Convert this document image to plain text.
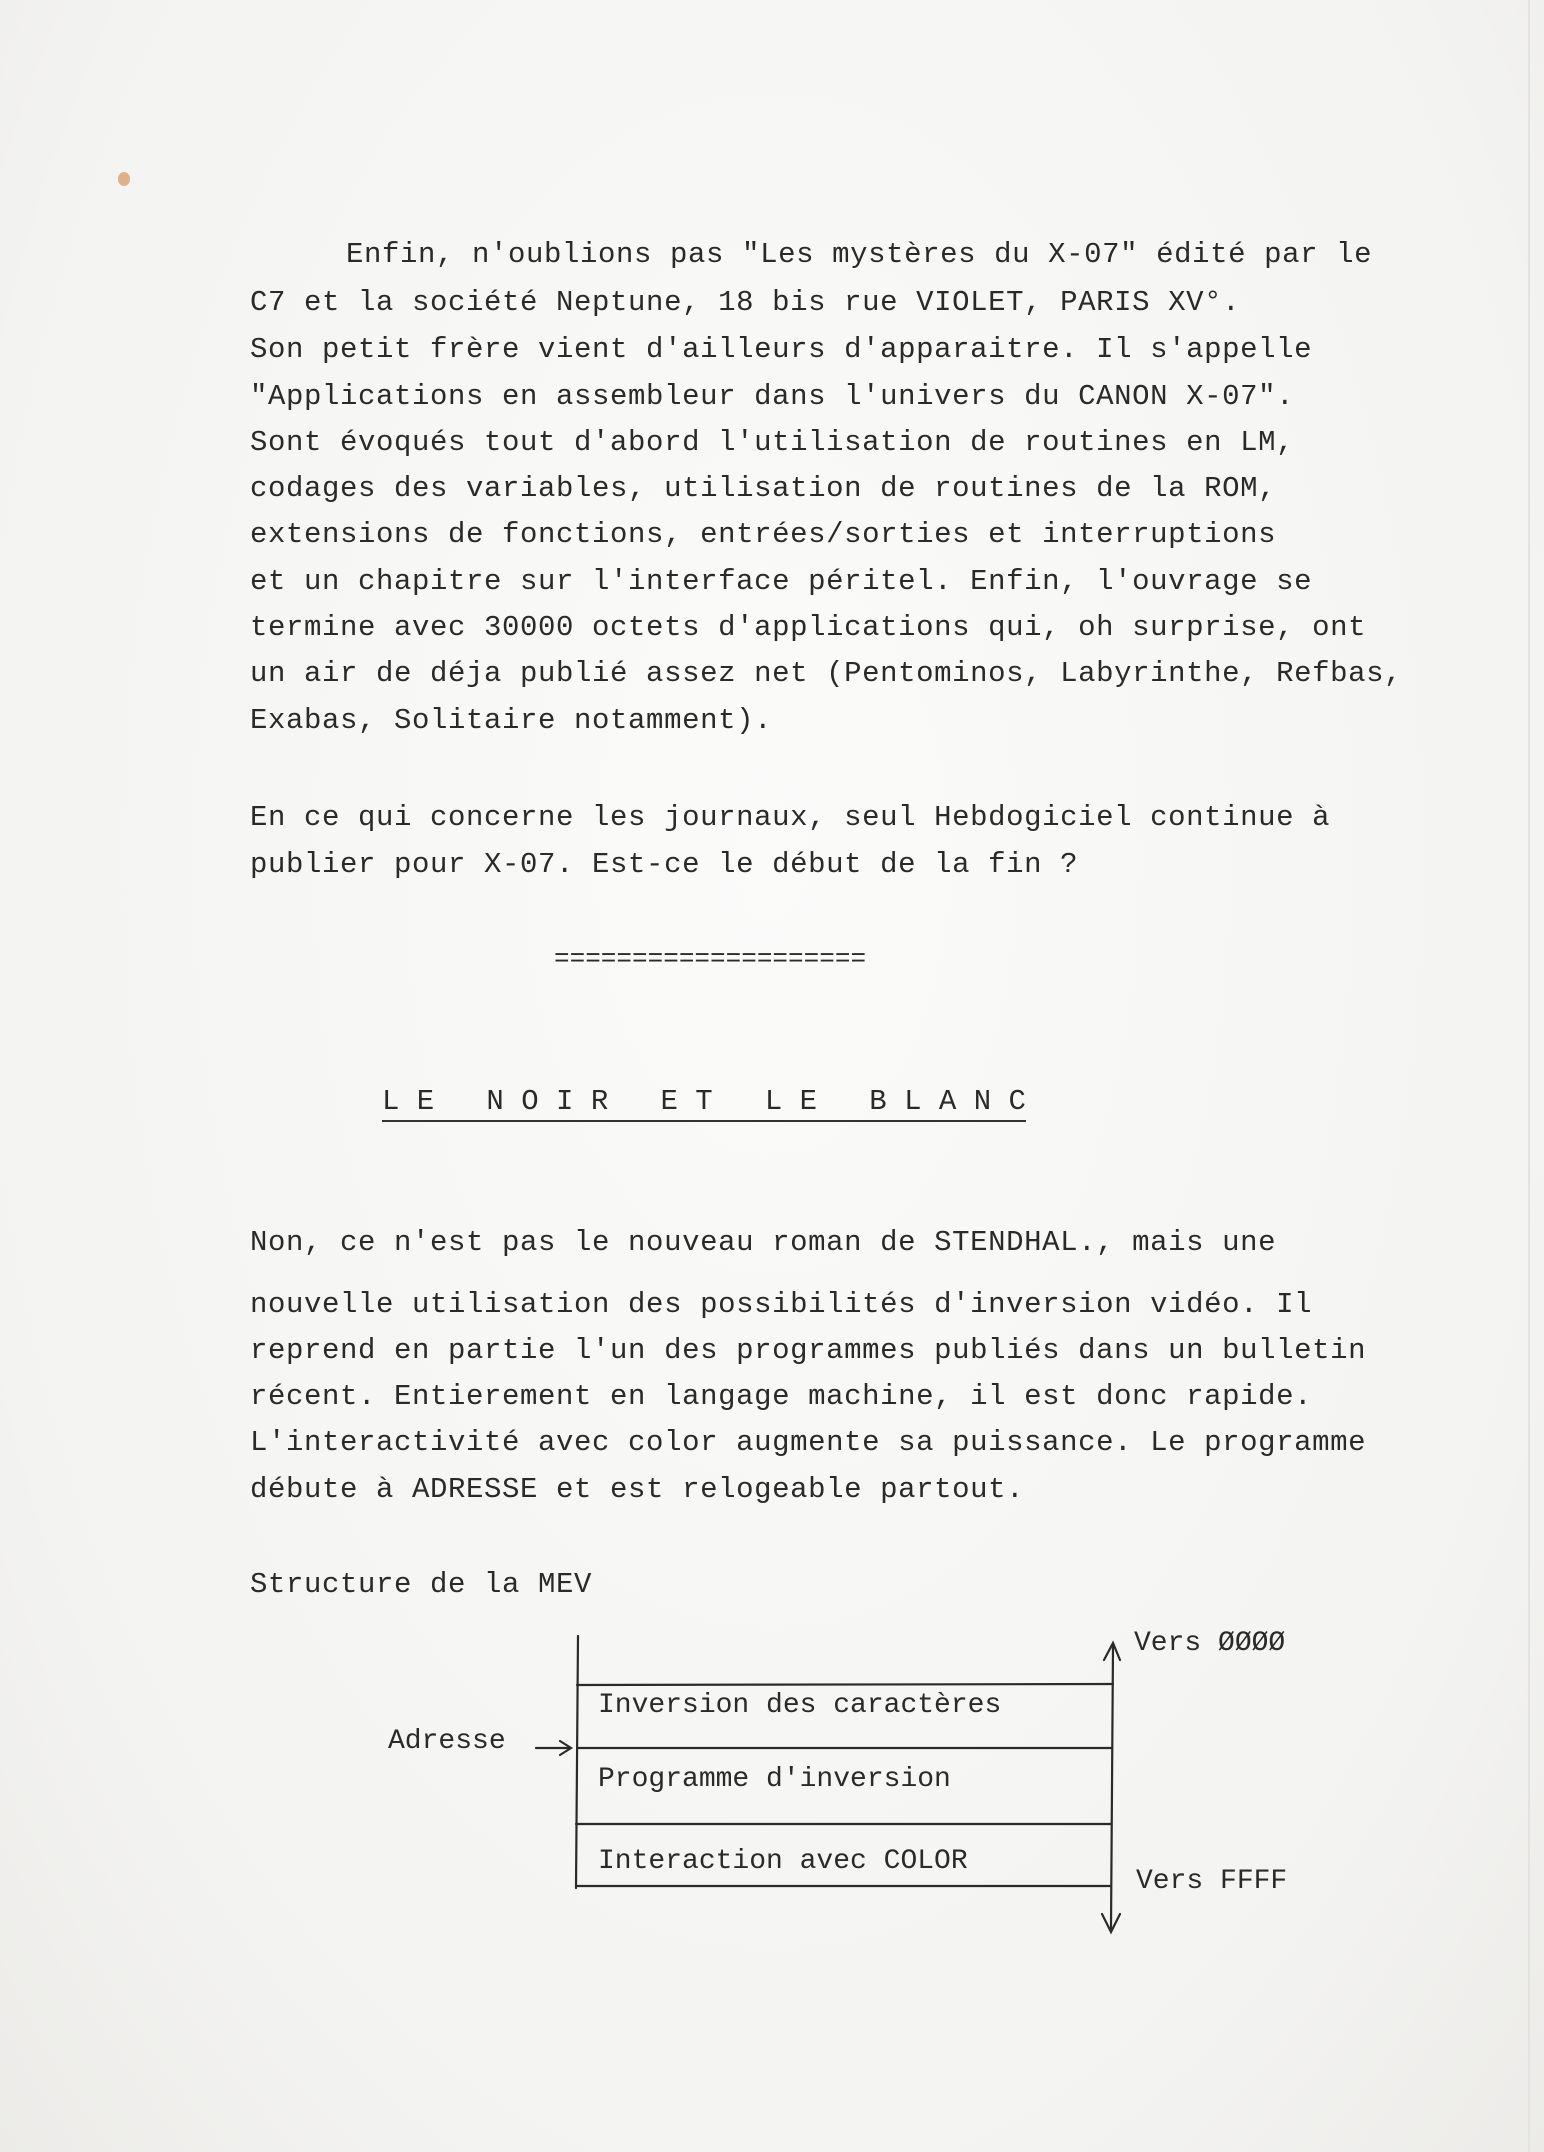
Enfin, n'oublions pas "Les mystères du X-07" édité par le
C7 et la société Neptune, 18 bis rue VIOLET, PARIS XV°.
Son petit frère vient d'ailleurs d'apparaitre. Il s'appelle
"Applications en assembleur dans l'univers du CANON X-07".
Sont évoqués tout d'abord l'utilisation de routines en LM,
codages des variables, utilisation de routines de la ROM,
extensions de fonctions, entrées/sorties et interruptions
et un chapitre sur l'interface péritel. Enfin, l'ouvrage se
termine avec 30000 octets d'applications qui, oh surprise, ont
un air de déja publié assez net (Pentominos, Labyrinthe, Refbas,
Exabas, Solitaire notamment).
En ce qui concerne les journaux, seul Hebdogiciel continue à
publier pour X-07. Est-ce le début de la fin ?
====================
L E   N O I R   E T   L E   B L A N C
Non, ce n'est pas le nouveau roman de STENDHAL., mais une
nouvelle utilisation des possibilités d'inversion vidéo. Il
reprend en partie l'un des programmes publiés dans un bulletin
récent. Entierement en langage machine, il est donc rapide.
L'interactivité avec color augmente sa puissance. Le programme
débute à ADRESSE et est relogeable partout.
Structure de la MEV
Vers ØØØØ
Vers FFFF
Adresse
Inversion des caractères
Programme d'inversion
Interaction avec COLOR
